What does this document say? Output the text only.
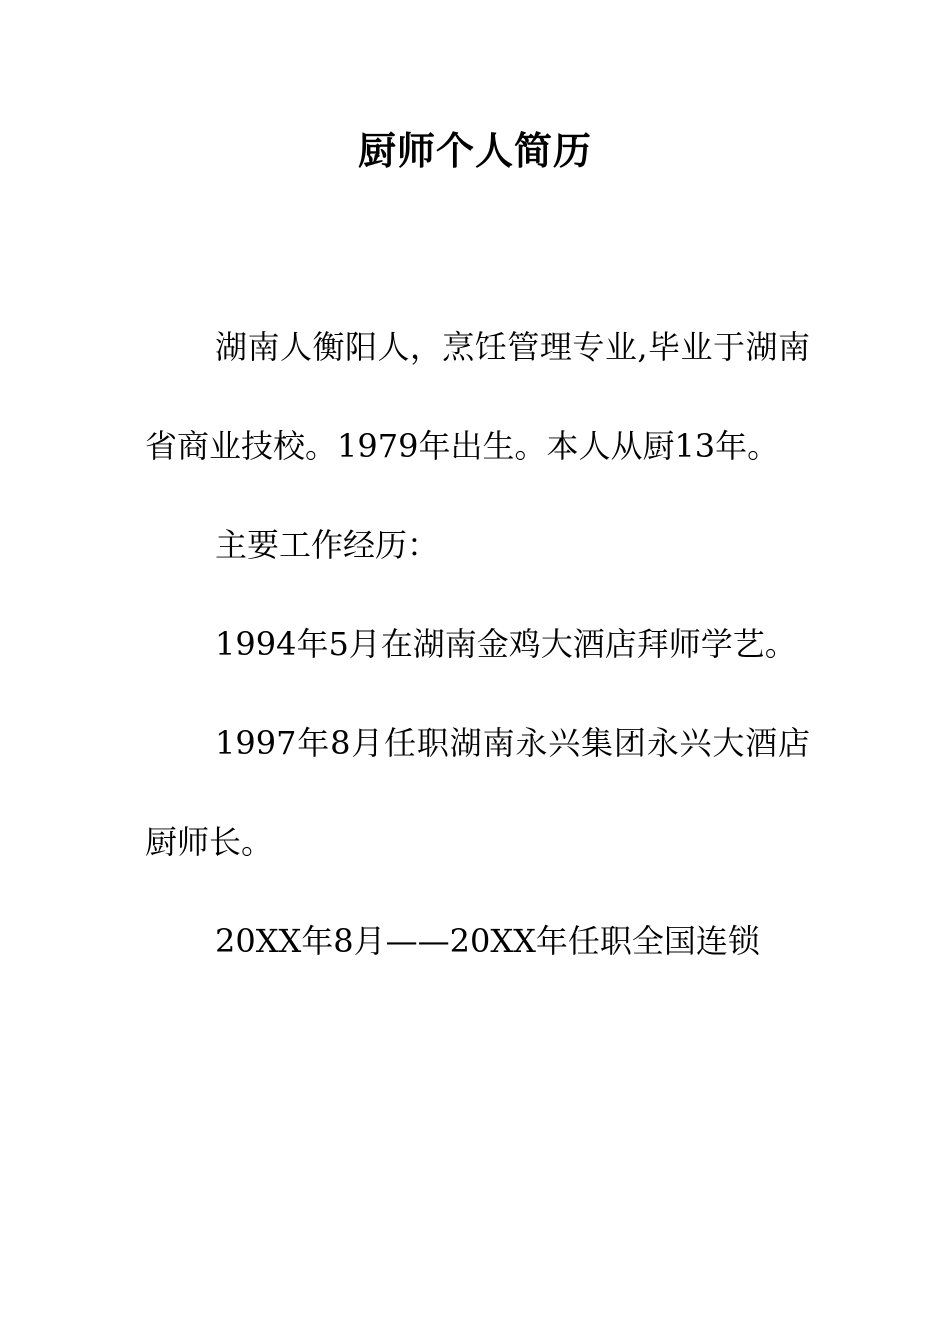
厨师个人简历

湖南人衡阳人，烹饪管理专业,毕业于湖南省商业技校。1979年出生。本人从厨13年。

主要工作经历：

1994年5月在湖南金鸡大酒店拜师学艺。

1997年8月任职湖南永兴集团永兴大酒店厨师长。

20XX年8月——20XX年任职全国连锁
